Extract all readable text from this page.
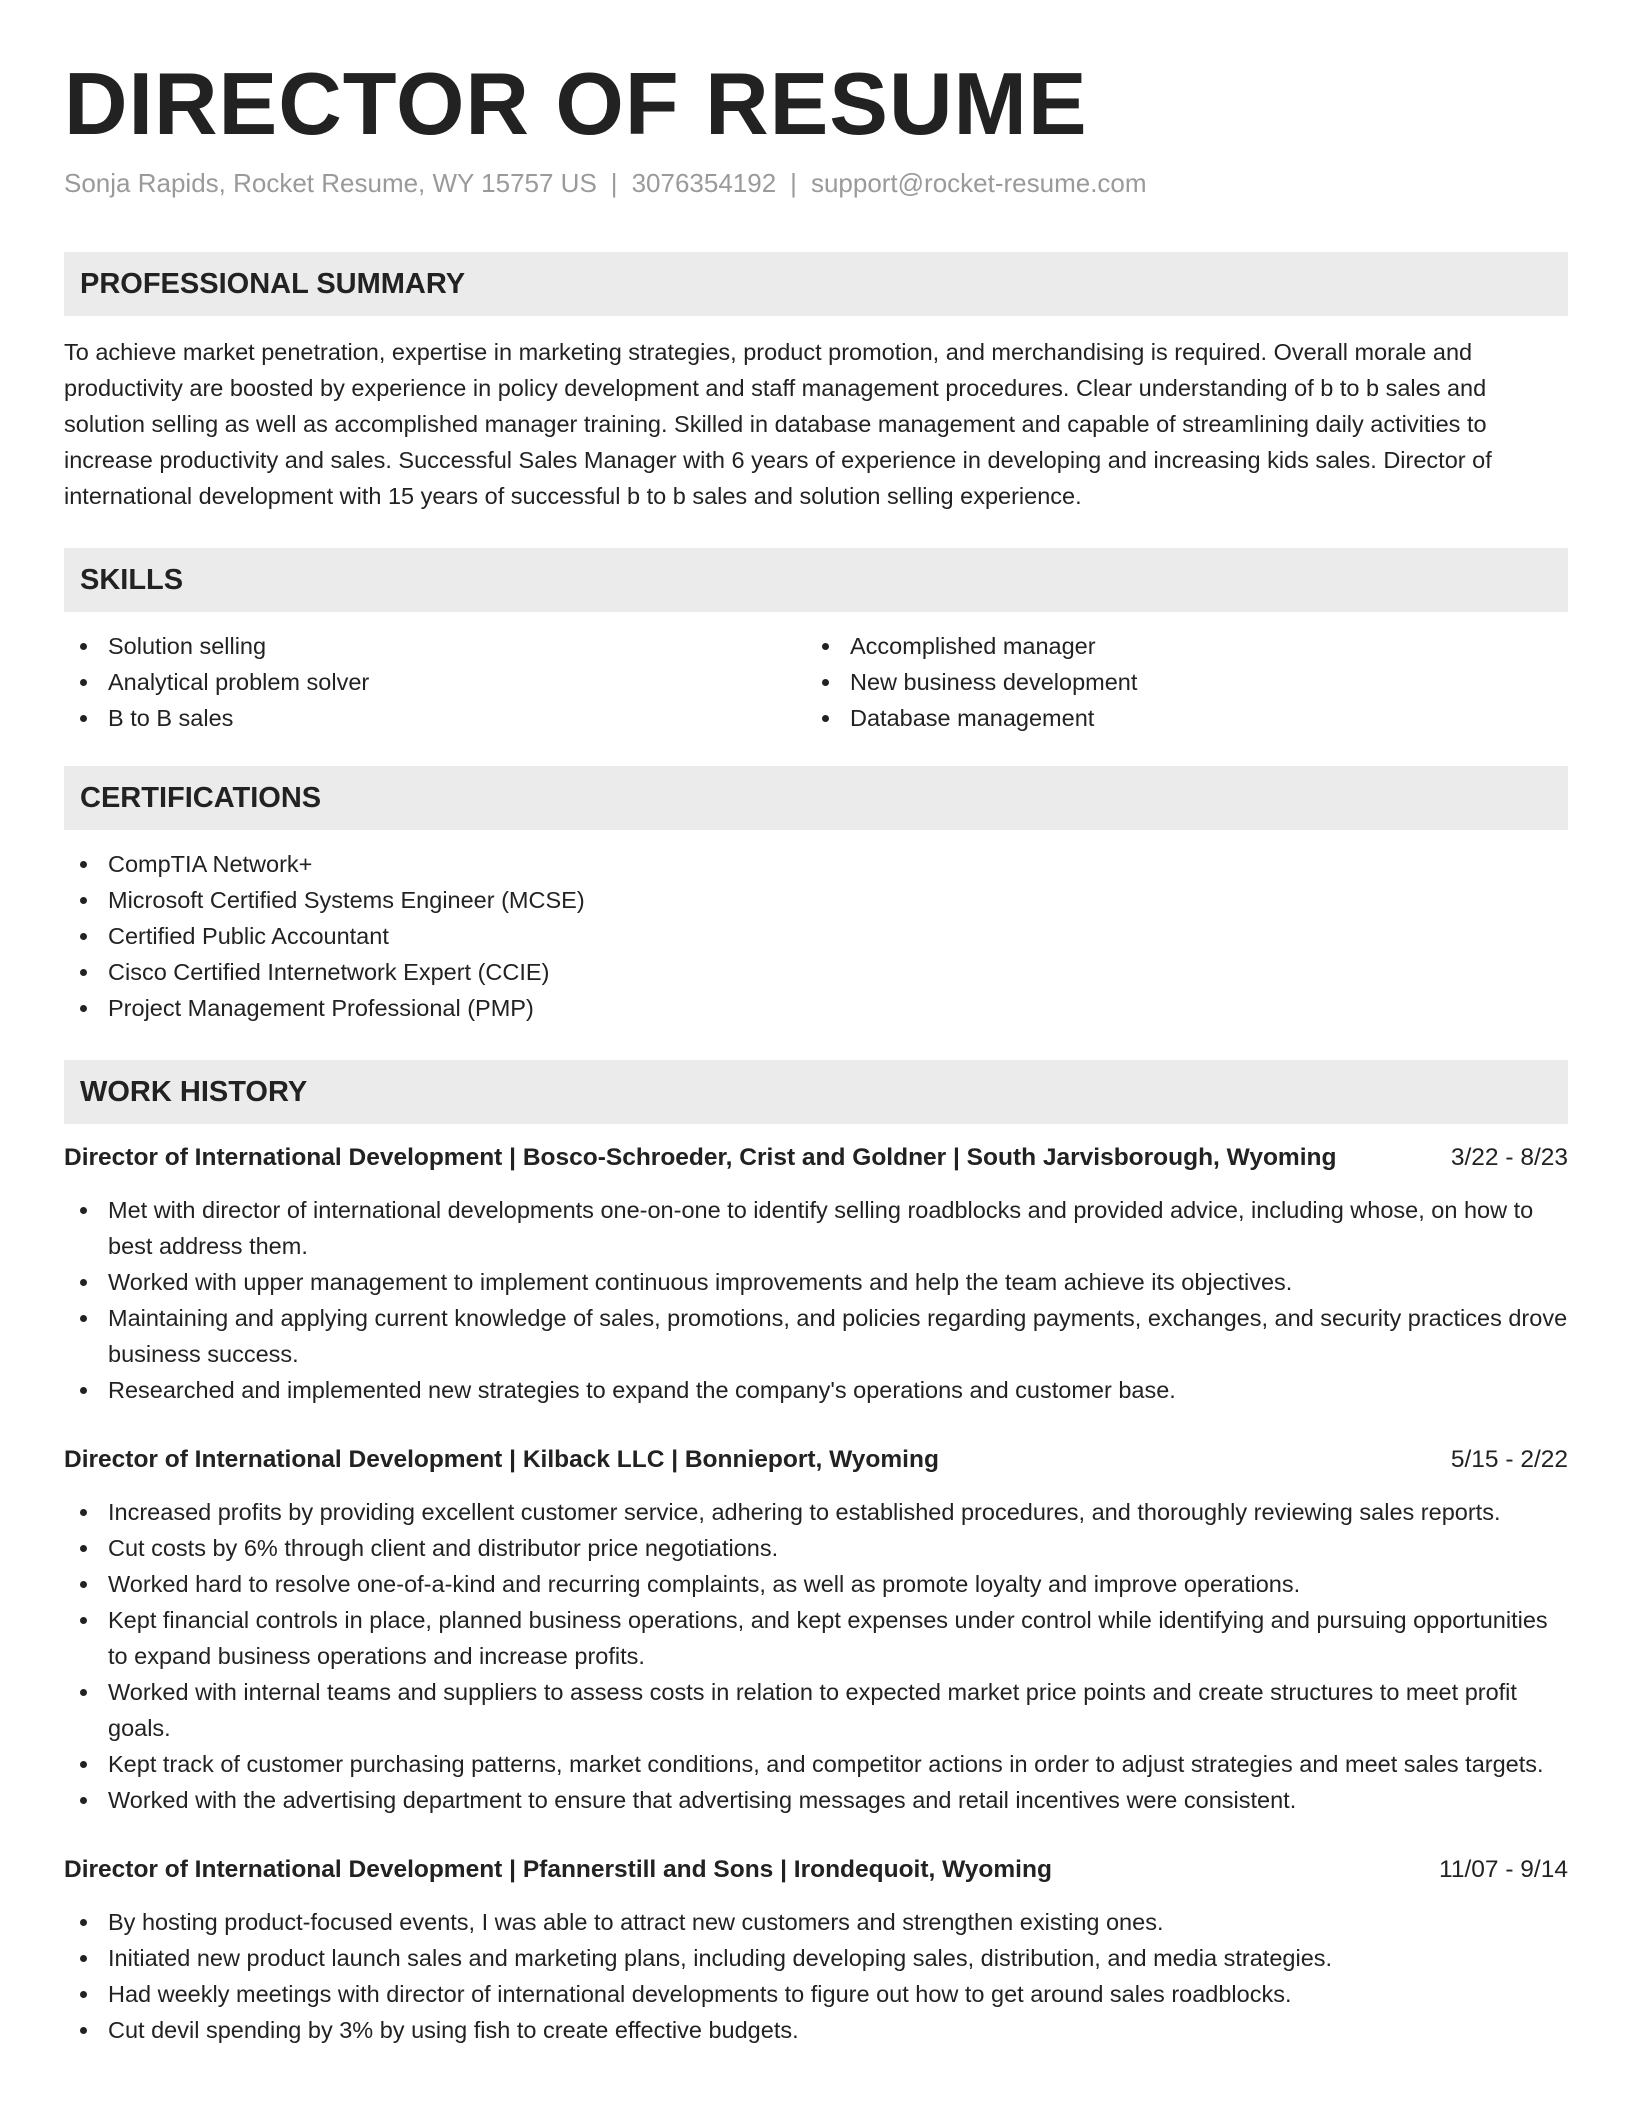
DIRECTOR OF RESUME
Sonja Rapids, Rocket Resume, WY 15757 US | 3076354192 | support@rocket-resume.com
PROFESSIONAL SUMMARY

To achieve market penetration, expertise in marketing strategies, product promotion, and merchandising is required. Overall morale and productivity are boosted by experience in policy development and staff management procedures. Clear understanding of b to b sales and solution selling as well as accomplished manager training. Skilled in database management and capable of streamlining daily activities to increase productivity and sales. Successful Sales Manager with 6 years of experience in developing and increasing kids sales. Director of international development with 15 years of successful b to b sales and solution selling experience.

SKILLS
Solution selling
Analytical problem solver
B to B sales
Accomplished manager
New business development
Database management
CERTIFICATIONS
CompTIA Network+
Microsoft Certified Systems Engineer (MCSE)
Certified Public Accountant
Cisco Certified Internetwork Expert (CCIE)
Project Management Professional (PMP)
WORK HISTORY
Director of International Development | Bosco-Schroeder, Crist and Goldner | South Jarvisborough, Wyoming	3/22 - 8/23
Met with director of international developments one-on-one to identify selling roadblocks and provided advice, including whose, on how to best address them.
Worked with upper management to implement continuous improvements and help the team achieve its objectives.
Maintaining and applying current knowledge of sales, promotions, and policies regarding payments, exchanges, and security practices drove business success.
Researched and implemented new strategies to expand the company's operations and customer base.
Director of International Development | Kilback LLC | Bonnieport, Wyoming	5/15 - 2/22
Increased profits by providing excellent customer service, adhering to established procedures, and thoroughly reviewing sales reports.
Cut costs by 6% through client and distributor price negotiations.
Worked hard to resolve one-of-a-kind and recurring complaints, as well as promote loyalty and improve operations.
Kept financial controls in place, planned business operations, and kept expenses under control while identifying and pursuing opportunities to expand business operations and increase profits.
Worked with internal teams and suppliers to assess costs in relation to expected market price points and create structures to meet profit goals.
Kept track of customer purchasing patterns, market conditions, and competitor actions in order to adjust strategies and meet sales targets.
Worked with the advertising department to ensure that advertising messages and retail incentives were consistent.
Director of International Development | Pfannerstill and Sons | Irondequoit, Wyoming	11/07 - 9/14
By hosting product-focused events, I was able to attract new customers and strengthen existing ones.
Initiated new product launch sales and marketing plans, including developing sales, distribution, and media strategies.
Had weekly meetings with director of international developments to figure out how to get around sales roadblocks.
Cut devil spending by 3% by using fish to create effective budgets.
